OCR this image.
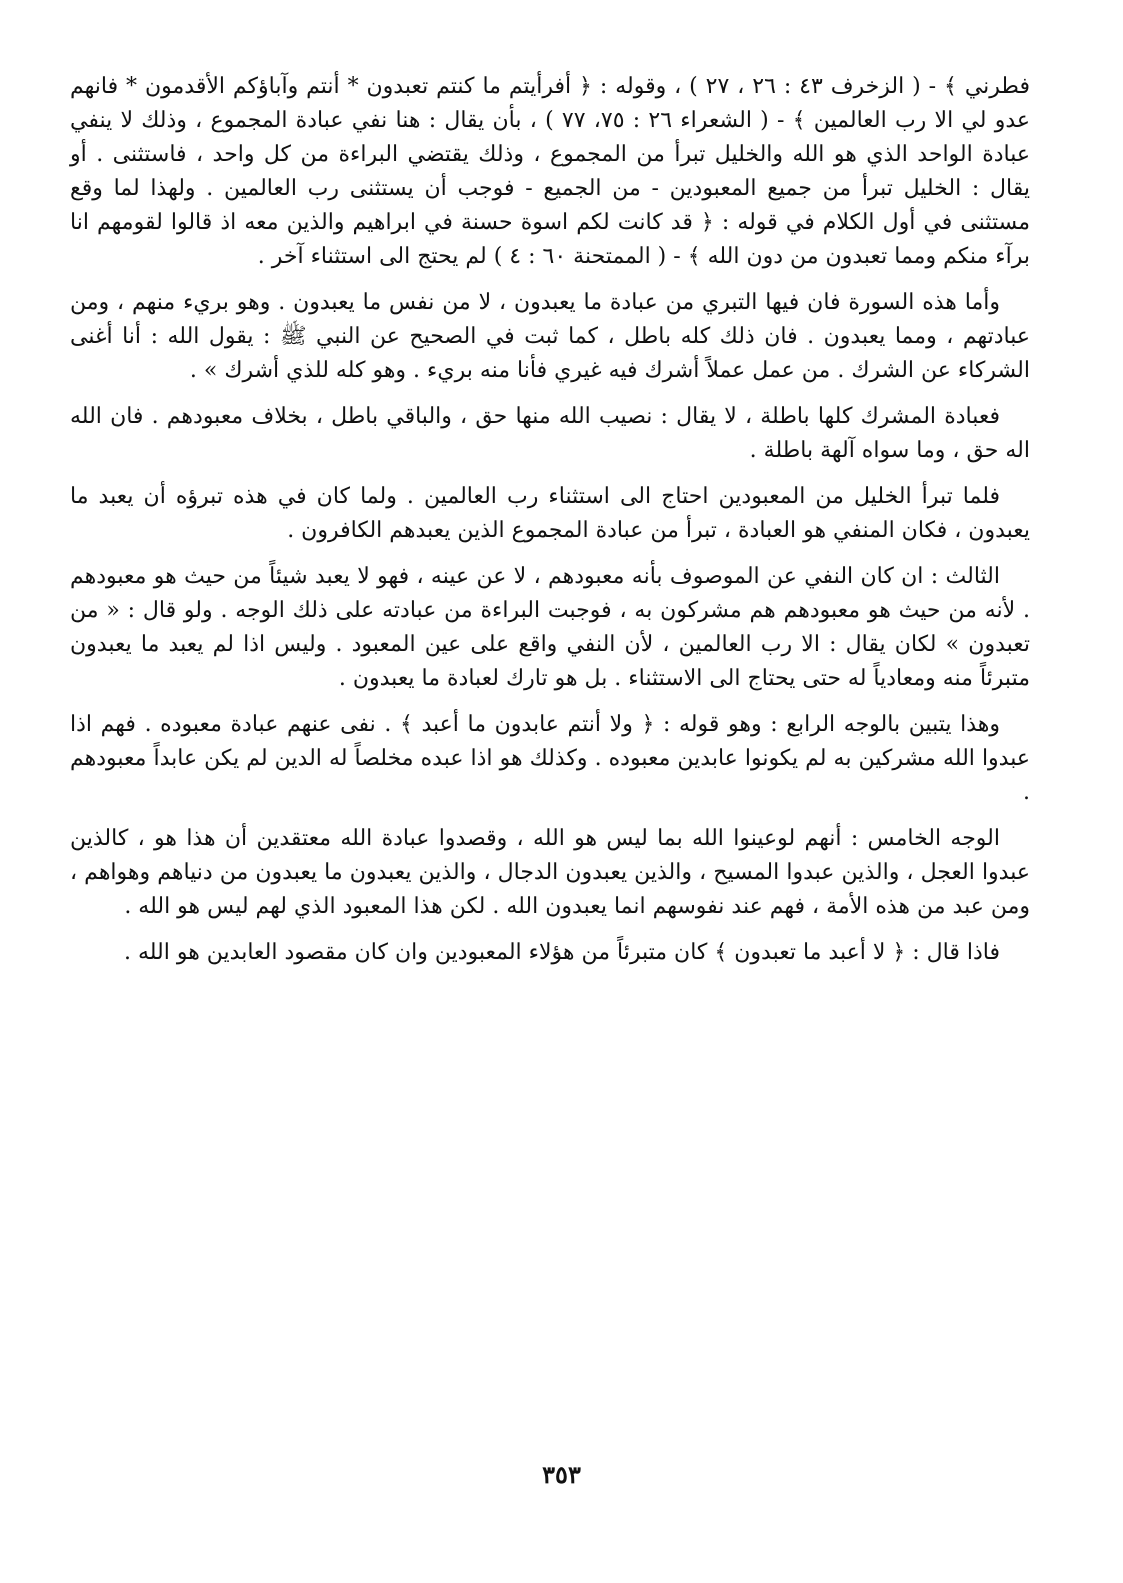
فطرني ﴾ - ( الزخرف ٤٣ : ٢٦ ، ٢٧ ) ، وقوله : ﴿ أفرأيتم ما كنتم تعبدون * أنتم وآباؤكم الأقدمون * فانهم عدو لي الا رب العالمين ﴾ - ( الشعراء ٢٦ : ٧٥، ٧٧ ) ، بأن يقال : هنا نفي عبادة المجموع ، وذلك لا ينفي عبادة الواحد الذي هو الله والخليل تبرأ من المجموع ، وذلك يقتضي البراءة من كل واحد ، فاستثنى . أو يقال : الخليل تبرأ من جميع المعبودين - من الجميع - فوجب أن يستثنى رب العالمين . ولهذا لما وقع مستثنى في أول الكلام في قوله : ﴿ قد كانت لكم اسوة حسنة في ابراهيم والذين معه اذ قالوا لقومهم انا برآء منكم ومما تعبدون من دون الله ﴾ - ( الممتحنة ٦٠ : ٤ ) لم يحتج الى استثناء آخر .

وأما هذه السورة فان فيها التبري من عبادة ما يعبدون ، لا من نفس ما يعبدون . وهو بريء منهم ، ومن عبادتهم ، ومما يعبدون . فان ذلك كله باطل ، كما ثبت في الصحيح عن النبي ﷺ : يقول الله : أنا أغنى الشركاء عن الشرك . من عمل عملاً أشرك فيه غيري فأنا منه بريء . وهو كله للذي أشرك » .

فعبادة المشرك كلها باطلة ، لا يقال : نصيب الله منها حق ، والباقي باطل ، بخلاف معبودهم . فان الله اله حق ، وما سواه آلهة باطلة .

فلما تبرأ الخليل من المعبودين احتاج الى استثناء رب العالمين . ولما كان في هذه تبرؤه أن يعبد ما يعبدون ، فكان المنفي هو العبادة ، تبرأ من عبادة المجموع الذين يعبدهم الكافرون .

الثالث : ان كان النفي عن الموصوف بأنه معبودهم ، لا عن عينه ، فهو لا يعبد شيئاً من حيث هو معبودهم . لأنه من حيث هو معبودهم هم مشركون به ، فوجبت البراءة من عبادته على ذلك الوجه . ولو قال : « من تعبدون » لكان يقال : الا رب العالمين ، لأن النفي واقع على عين المعبود . وليس اذا لم يعبد ما يعبدون متبرئاً منه ومعادياً له حتى يحتاج الى الاستثناء . بل هو تارك لعبادة ما يعبدون .

وهذا يتبين بالوجه الرابع : وهو قوله : ﴿ ولا أنتم عابدون ما أعبد ﴾ . نفى عنهم عبادة معبوده . فهم اذا عبدوا الله مشركين به لم يكونوا عابدين معبوده . وكذلك هو اذا عبده مخلصاً له الدين لم يكن عابداً معبودهم .

الوجه الخامس : أنهم لوعينوا الله بما ليس هو الله ، وقصدوا عبادة الله معتقدين أن هذا هو ، كالذين عبدوا العجل ، والذين عبدوا المسيح ، والذين يعبدون الدجال ، والذين يعبدون ما يعبدون من دنياهم وهواهم ، ومن عبد من هذه الأمة ، فهم عند نفوسهم انما يعبدون الله . لكن هذا المعبود الذي لهم ليس هو الله .

فاذا قال : ﴿ لا أعبد ما تعبدون ﴾ كان متبرئاً من هؤلاء المعبودين وان كان مقصود العابدين هو الله .

٣٥٣
